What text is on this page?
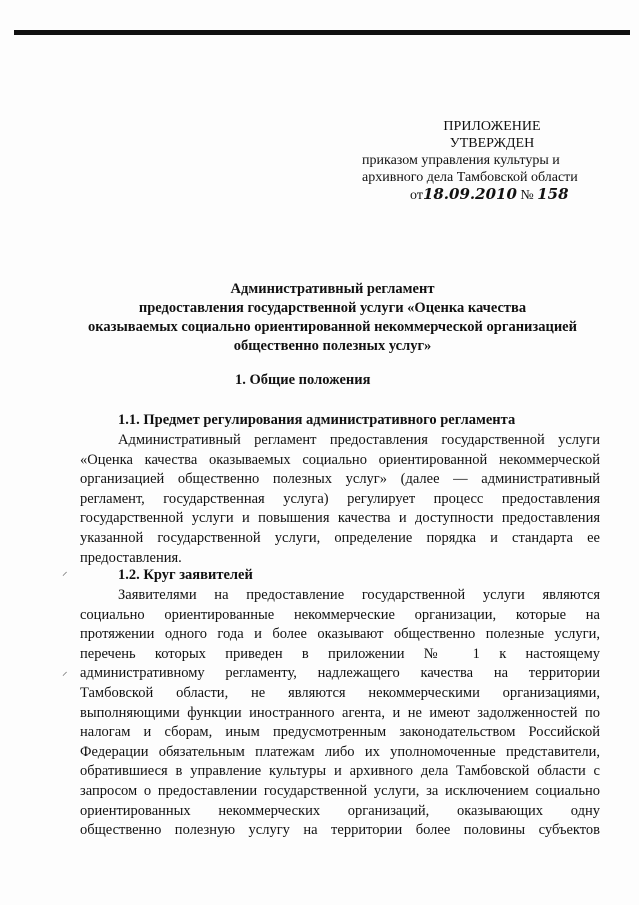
ПРИЛОЖЕНИЕ
УТВЕРЖДЕН
приказом управления культуры и
архивного дела Тамбовской области
от18.09.2010 № 158
Административный регламент
предоставления государственной услуги «Оценка качества
оказываемых социально ориентированной некоммерческой организацией
общественно полезных услуг»
1. Общие положения
1.1. Предмет регулирования административного регламента
Административный регламент предоставления государственной услуги
«Оценка качества оказываемых социально ориентированной некоммерческой
организацией общественно полезных услуг» (далее — административный
регламент, государственная услуга) регулирует процесс предоставления
государственной услуги и повышения качества и доступности предоставления
указанной государственной услуги, определение порядка и стандарта ее
предоставления.
1.2. Круг заявителей
Заявителями на предоставление государственной услуги являются
социально ориентированные некоммерческие организации, которые на
протяжении одного года и более оказывают общественно полезные услуги,
перечень которых приведен в приложении № 1 к настоящему
административному регламенту, надлежащего качества на территории
Тамбовской области, не являются некоммерческими организациями,
выполняющими функции иностранного агента, и не имеют задолженностей по
налогам и сборам, иным предусмотренным законодательством Российской
Федерации обязательным платежам либо их уполномоченные представители,
обратившиеся в управление культуры и архивного дела Тамбовской области с
запросом о предоставлении государственной услуги, за исключением социально
ориентированных некоммерческих организаций, оказывающих одну
общественно полезную услугу на территории более половины субъектов
⸝
⸝
